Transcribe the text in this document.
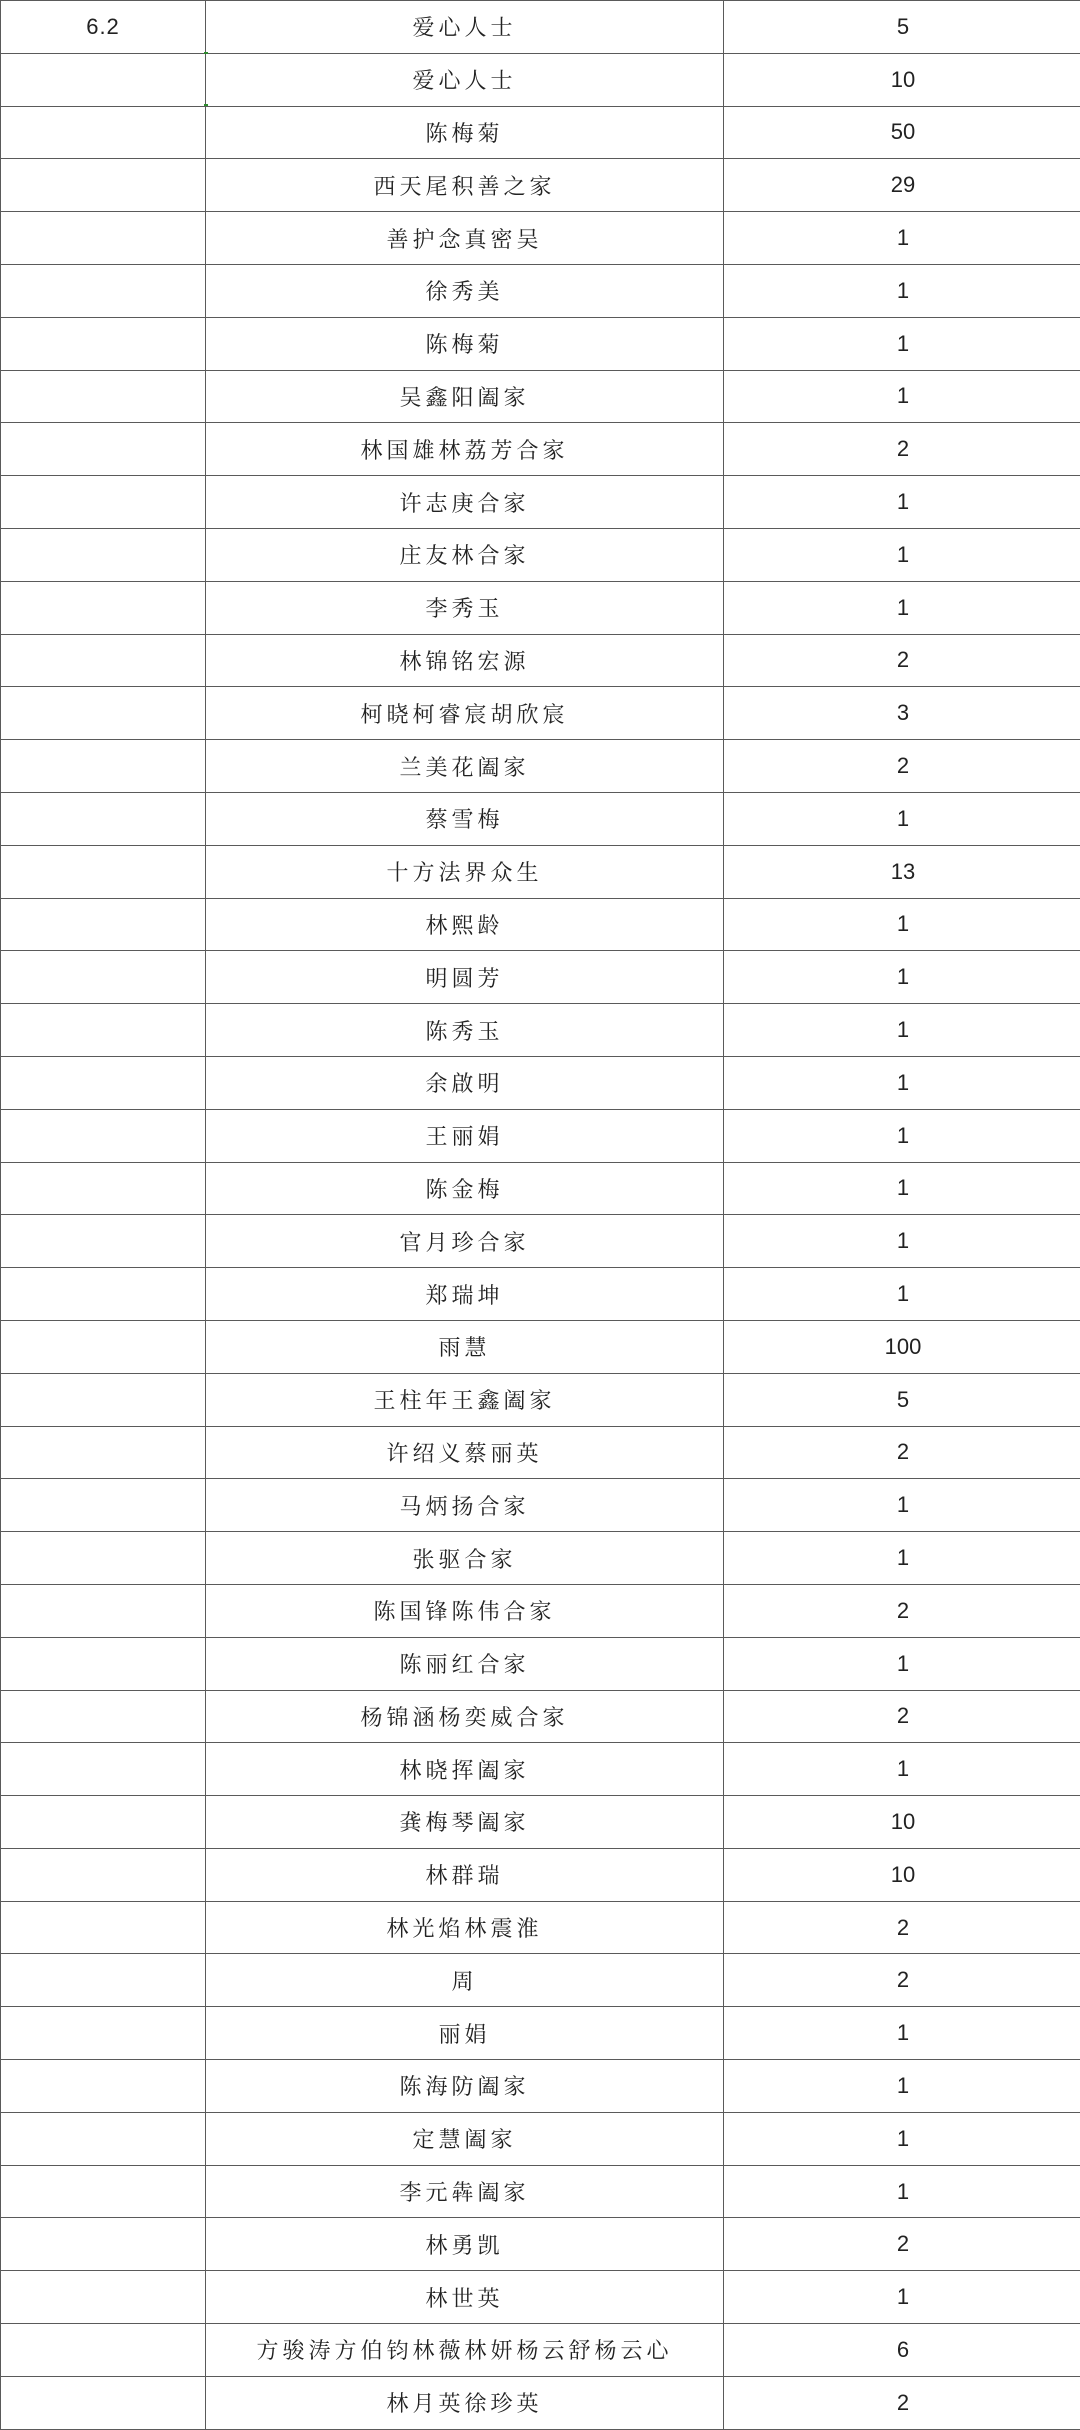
6.2	爱心人士	5
	爱心人士	10
	陈梅菊	50
	西天尾积善之家	29
	善护念真密吴	1
	徐秀美	1
	陈梅菊	1
	吴鑫阳阖家	1
	林国雄林荔芳合家	2
	许志庚合家	1
	庄友林合家	1
	李秀玉	1
	林锦铭宏源	2
	柯晓柯睿宸胡欣宸	3
	兰美花阖家	2
	蔡雪梅	1
	十方法界众生	13
	林熙龄	1
	明圆芳	1
	陈秀玉	1
	余啟明	1
	王丽娟	1
	陈金梅	1
	官月珍合家	1
	郑瑞坤	1
	雨慧	100
	王柱年王鑫阖家	5
	许绍义蔡丽英	2
	马炳扬合家	1
	张驱合家	1
	陈国锋陈伟合家	2
	陈丽红合家	1
	杨锦涵杨奕威合家	2
	林晓挥阖家	1
	龚梅琴阖家	10
	林群瑞	10
	林光焰林震淮	2
	周	2
	丽娟	1
	陈海防阖家	1
	定慧阖家	1
	李元犇阖家	1
	林勇凯	2
	林世英	1
	方骏涛方伯钧林薇林妍杨云舒杨云心	6
	林月英徐珍英	2
